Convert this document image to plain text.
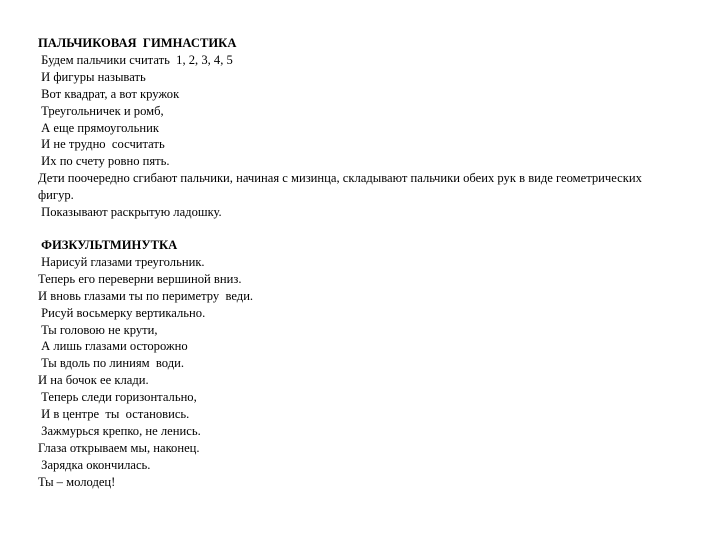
ПАЛЬЧИКОВАЯ  ГИМНАСТИКА
Будем пальчики считать  1, 2, 3, 4, 5
И фигуры называть
Вот квадрат, а вот кружок
Треугольничек и ромб,
А еще прямоугольник
И не трудно  сосчитать
Их по счету ровно пять.
Дети поочередно сгибают пальчики, начиная с мизинца, складывают пальчики обеих рук в виде геометрических фигур.
Показывают раскрытую ладошку.
ФИЗКУЛЬТМИНУТКА
Нарисуй глазами треугольник.
Теперь его переверни вершиной вниз.
И вновь глазами ты по периметру  веди.
Рисуй восьмерку вертикально.
Ты головою не крути,
А лишь глазами осторожно
Ты вдоль по линиям  води.
И на бочок ее клади.
Теперь следи горизонтально,
И в центре  ты  остановись.
Зажмурься крепко, не ленись.
Глаза открываем мы, наконец.
Зарядка окончилась.
Ты – молодец!
